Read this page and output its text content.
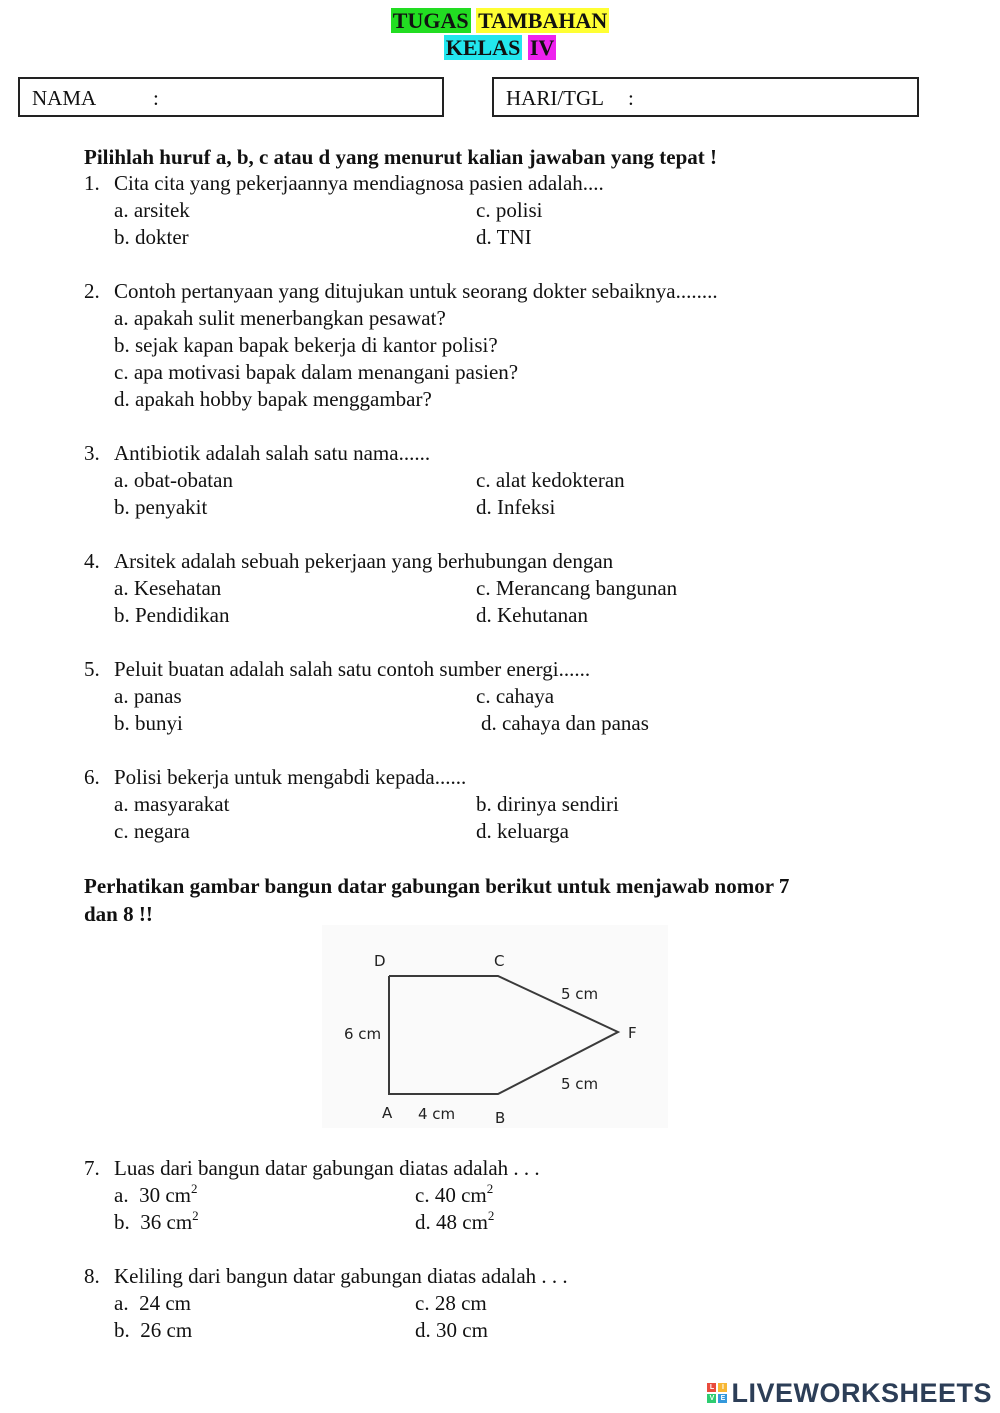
TUGAS TAMBAHAN
KELAS IV
NAMA	:	HARI/TGL :
Pilihlah huruf a, b, c atau d yang menurut kalian jawaban yang tepat !
1. Cita cita yang pekerjaannya mendiagnosa pasien adalah....
a. arsitek	c. polisi
b. dokter	d. TNI
2. Contoh pertanyaan yang ditujukan untuk seorang dokter sebaiknya........
a. apakah sulit menerbangkan pesawat?
b. sejak kapan bapak bekerja di kantor polisi?
c. apa motivasi bapak dalam menangani pasien?
d. apakah hobby bapak menggambar?
3. Antibiotik adalah salah satu nama......
a. obat-obatan	c. alat kedokteran
b. penyakit	d. Infeksi
4. Arsitek adalah sebuah pekerjaan yang berhubungan dengan
a. Kesehatan	c. Merancang bangunan
b. Pendidikan	d. Kehutanan
5. Peluit buatan adalah salah satu contoh sumber energi......
a. panas	c. cahaya
b. bunyi	d. cahaya dan panas
6. Polisi bekerja untuk mengabdi kepada......
a. masyarakat	b. dirinya sendiri
c. negara	d. keluarga
Perhatikan gambar bangun datar gabungan berikut untuk menjawab nomor 7
dan 8 !!
D	C
F
A	B
6 cm
4 cm
5 cm
5 cm
7. Luas dari bangun datar gabungan diatas adalah . . .
a. 30 $cm^2$	c. 40 $cm^2$
b. 36 $cm^2$	d. 48 $cm^2$
8. Keliling dari bangun datar gabungan diatas adalah . . .
a.  24 cm	c. 28 cm
b.  26 cm	d. 30 cm
L	I
V E LIVEWORKSHEETS
